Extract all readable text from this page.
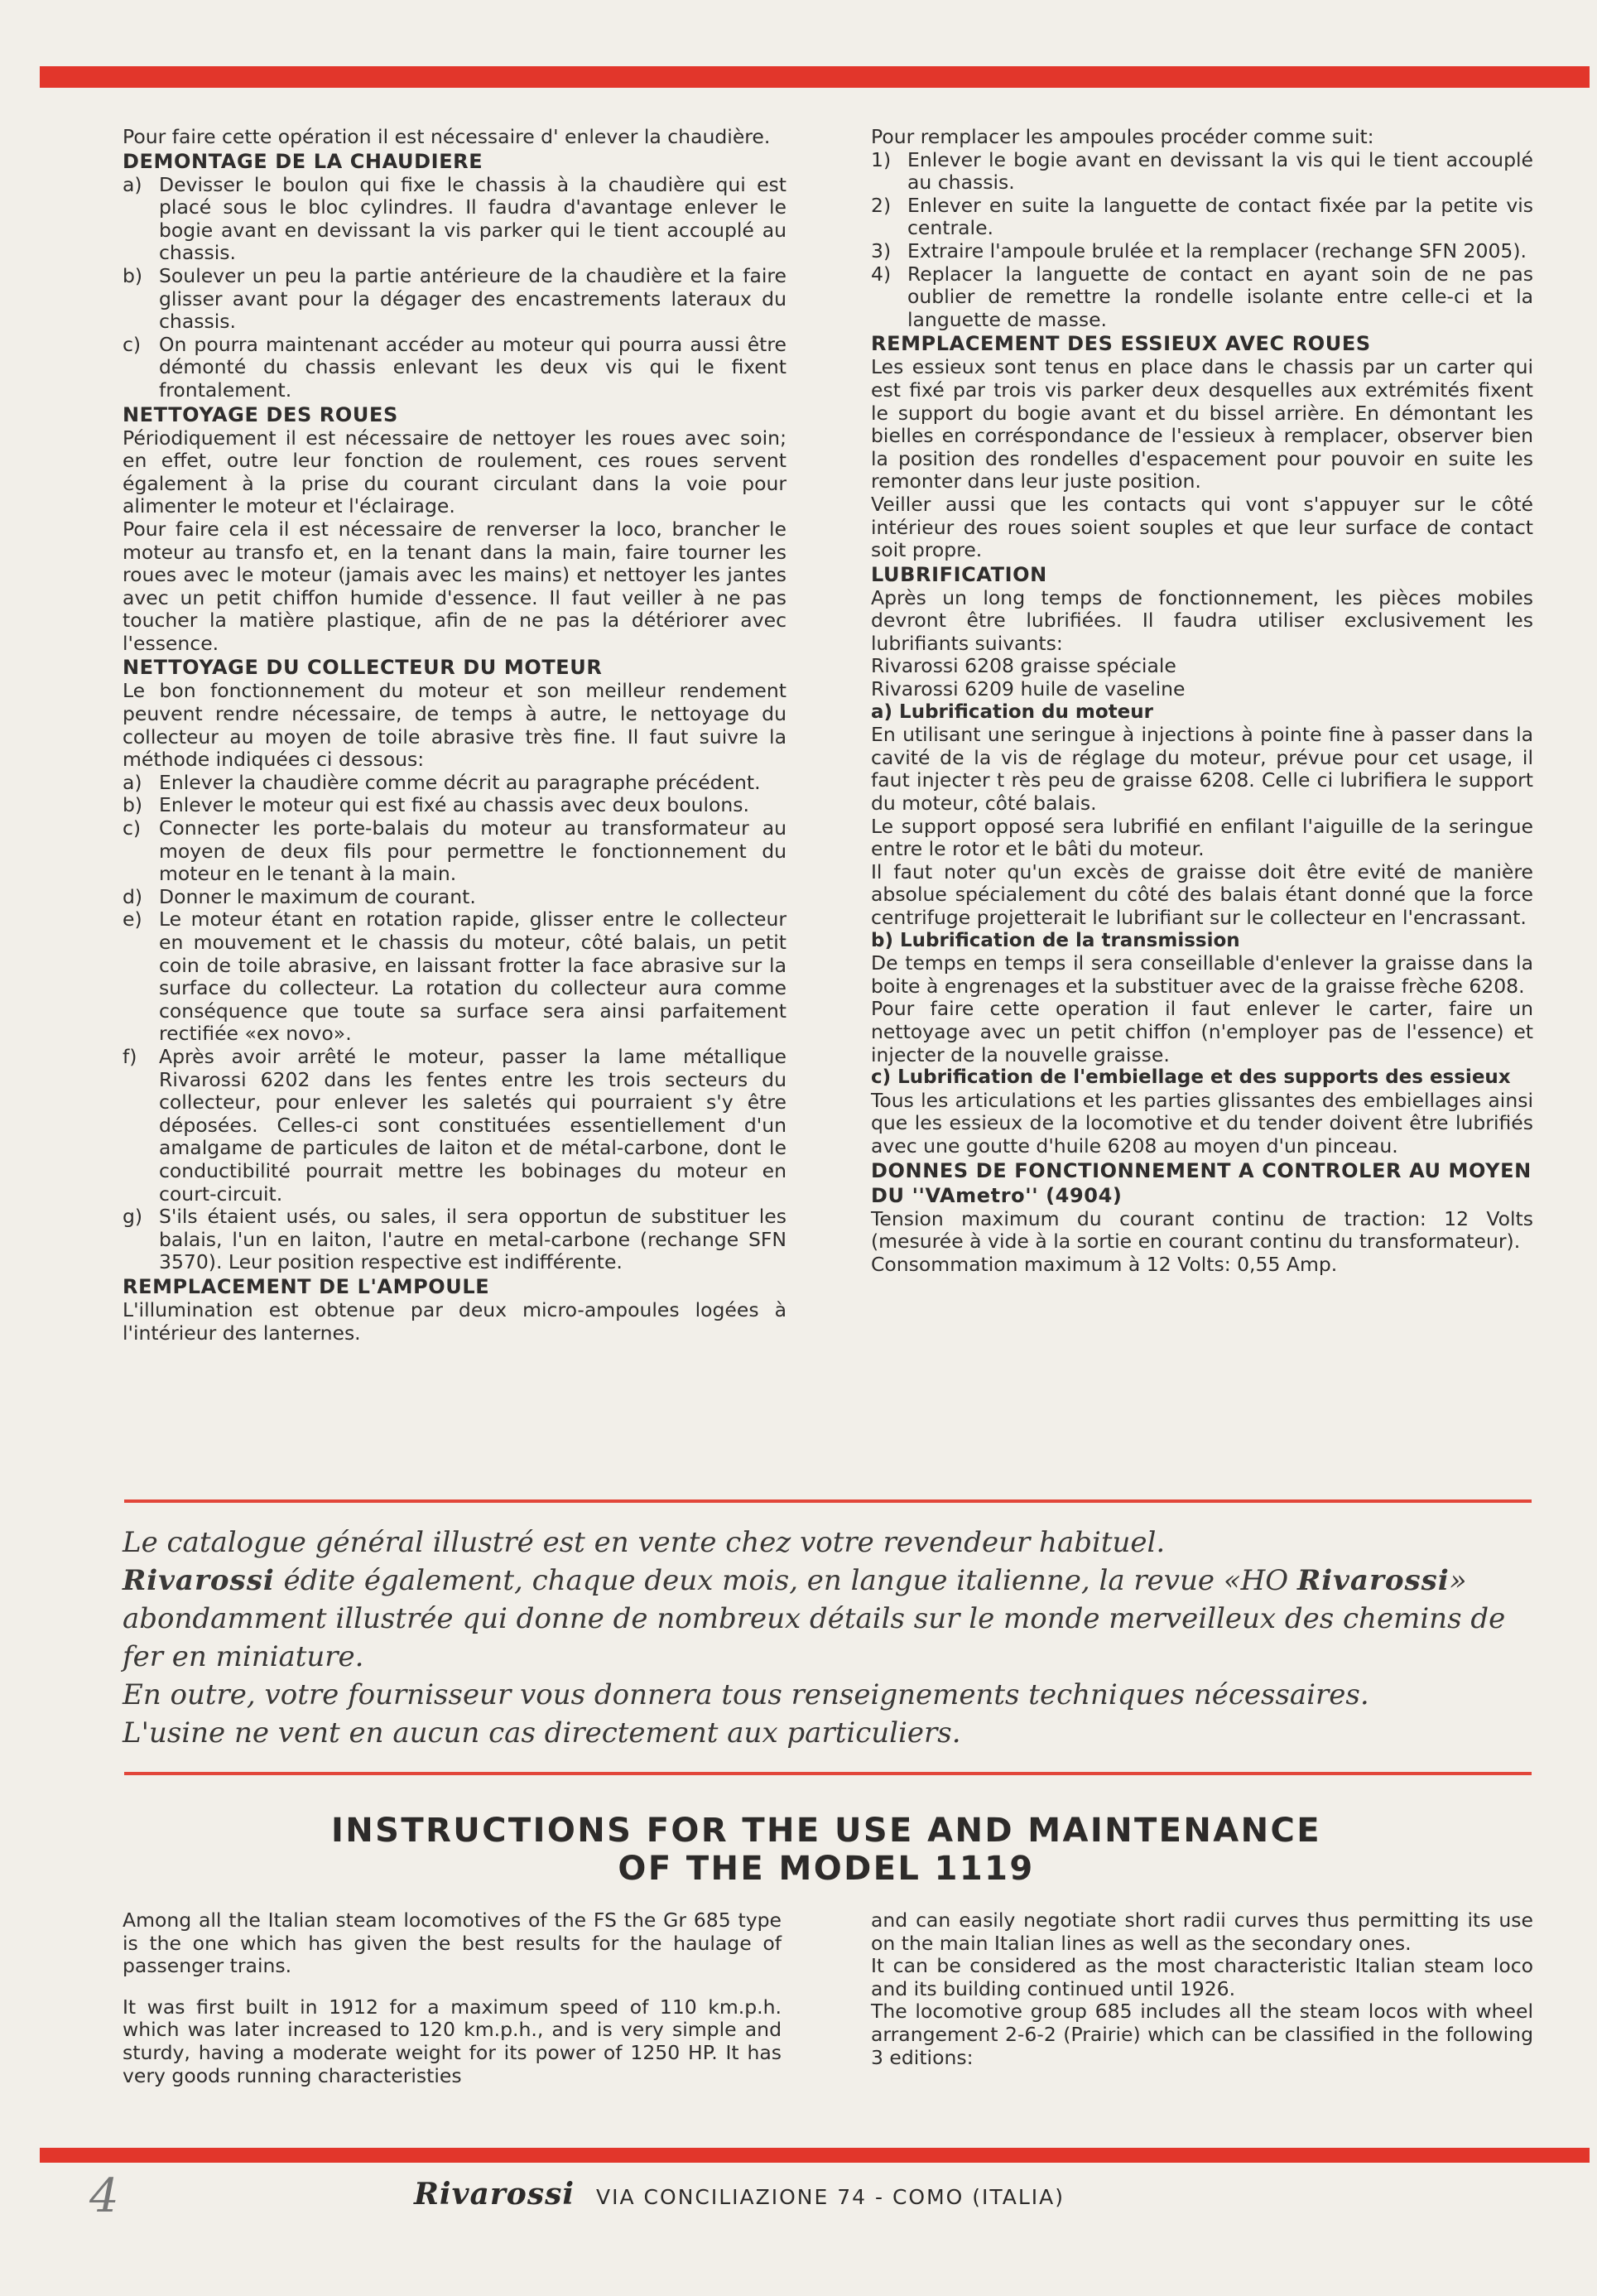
Pour faire cette opération il est nécessaire d' enlever la chaudière.

DEMONTAGE DE LA CHAUDIERE
a) Devisser le boulon qui fixe le chassis à la chaudière qui est placé sous le bloc cylindres. Il faudra d'avantage enlever le bogie avant en devissant la vis parker qui le tient accouplé au chassis.
b) Soulever un peu la partie antérieure de la chaudière et la faire glisser avant pour la dégager des encastrements lateraux du chassis.
c) On pourra maintenant accéder au moteur qui pourra aussi être démonté du chassis enlevant les deux vis qui le fixent frontalement.
NETTOYAGE DES ROUES

Périodiquement il est nécessaire de nettoyer les roues avec soin; en effet, outre leur fonction de roulement, ces roues servent également à la prise du courant circulant dans la voie pour alimenter le moteur et l'éclairage.

Pour faire cela il est nécessaire de renverser la loco, brancher le moteur au transfo et, en la tenant dans la main, faire tourner les roues avec le moteur (jamais avec les mains) et nettoyer les jantes avec un petit chiffon humide d'essence. Il faut veiller à ne pas toucher la matière plastique, afin de ne pas la détériorer avec l'essence.

NETTOYAGE DU COLLECTEUR DU MOTEUR

Le bon fonctionnement du moteur et son meilleur rendement peuvent rendre nécessaire, de temps à autre, le nettoyage du collecteur au moyen de toile abrasive très fine. Il faut suivre la méthode indiquées ci dessous:

a) Enlever la chaudière comme décrit au paragraphe précédent.
b) Enlever le moteur qui est fixé au chassis avec deux boulons.
c) Connecter les porte-balais du moteur au transformateur au moyen de deux fils pour permettre le fonctionnement du moteur en le tenant à la main.
d) Donner le maximum de courant.
e) Le moteur étant en rotation rapide, glisser entre le collecteur en mouvement et le chassis du moteur, côté balais, un petit coin de toile abrasive, en laissant frotter la face abrasive sur la surface du collecteur. La rotation du collecteur aura comme conséquence que toute sa surface sera ainsi parfaitement rectifiée «ex novo».
f)	Après avoir arrêté le moteur, passer la lame métallique Rivarossi 6202 dans les fentes entre les trois secteurs du collecteur, pour enlever les saletés qui pourraient s'y être déposées. Celles-ci sont constituées essentiellement d'un amalgame de particules de laiton et de métal-carbone, dont le conductibilité pourrait mettre les bobinages du moteur en court-circuit.
g) S'ils étaient usés, ou sales, il sera opportun de substituer les balais, l'un en laiton, l'autre en metal-carbone (rechange SFN 3570). Leur position respective est indifférente.
REMPLACEMENT DE L'AMPOULE

L'illumination est obtenue par deux micro-ampoules logées à l'intérieur des lanternes.

Pour remplacer les ampoules procéder comme suit:

1) Enlever le bogie avant en devissant la vis qui le tient accouplé au chassis.
2) Enlever en suite la languette de contact fixée par la petite vis centrale.
3) Extraire l'ampoule brulée et la remplacer (rechange SFN 2005).
4) Replacer la languette de contact en ayant soin de ne pas oublier de remettre la rondelle isolante entre celle-ci et la languette de masse.
REMPLACEMENT DES ESSIEUX AVEC ROUES

Les essieux sont tenus en place dans le chassis par un carter qui est fixé par trois vis parker deux desquelles aux extrémités fixent le support du bogie avant et du bissel arrière. En démontant les bielles en corréspondance de l'essieux à remplacer, observer bien la position des rondelles d'espacement pour pouvoir en suite les remonter dans leur juste position.

Veiller aussi que les contacts qui vont s'appuyer sur le côté intérieur des roues soient souples et que leur surface de contact soit propre.

LUBRIFICATION

Après un long temps de fonctionnement, les pièces mobiles devront être lubrifiées. Il faudra utiliser exclusivement les lubrifiants suivants:

Rivarossi 6208 graisse spéciale

Rivarossi 6209 huile de vaseline

a) Lubrification du moteur

En utilisant une seringue à injections à pointe fine à passer dans la cavité de la vis de réglage du moteur, prévue pour cet usage, il faut injecter t rès peu de graisse 6208. Celle ci lubrifiera le support du moteur, côté balais.

Le support opposé sera lubrifié en enfilant l'aiguille de la seringue entre le rotor et le bâti du moteur.

Il faut noter qu'un excès de graisse doit être evité de manière absolue spécialement du côté des balais étant donné que la force centrifuge projetterait le lubrifiant sur le collecteur en l'encrassant.

b) Lubrification de la transmission

De temps en temps il sera conseillable d'enlever la graisse dans la boite à engrenages et la substituer avec de la graisse frèche 6208.

Pour faire cette operation il faut enlever le carter, faire un nettoyage avec un petit chiffon (n'employer pas de l'essence) et injecter de la nouvelle graisse.

c) Lubrification de l'embiellage et des supports des essieux

Tous les articulations et les parties glissantes des embiellages ainsi que les essieux de la locomotive et du tender doivent être lubrifiés avec une goutte d'huile 6208 au moyen d'un pinceau.

DONNES DE FONCTIONNEMENT A CONTROLER AU MOYEN DU ''VAmetro'' (4904)

Tension maximum du courant continu de traction: 12 Volts (mesurée à vide à la sortie en courant continu du transformateur).

Consommation maximum à 12 Volts: 0,55 Amp.

Le catalogue général illustré est en vente chez votre revendeur habituel.

Rivarossi édite également, chaque deux mois, en langue italienne, la revue «HO Rivarossi»

abondamment illustrée qui donne de nombreux détails sur le monde merveilleux des chemins de fer en miniature.

En outre, votre fournisseur vous donnera tous renseignements techniques nécessaires.

L'usine ne vent en aucun cas directement aux particuliers.

INSTRUCTIONS FOR THE USE AND MAINTENANCE
OF THE MODEL 1119

Among all the Italian steam locomotives of the FS the Gr 685 type is the one which has given the best results for the haulage of passenger trains.

It was first built in 1912 for a maximum speed of 110 km.p.h. which was later increased to 120 km.p.h., and is very simple and sturdy, having a moderate weight for its power of 1250 HP. It has very goods running characteristies

and can easily negotiate short radii curves thus permitting its use on the main Italian lines as well as the secondary ones.

It can be considered as the most characteristic Italian steam loco and its building continued until 1926.

The locomotive group 685 includes all the steam locos with wheel arrangement 2-6-2 (Prairie) which can be classified in the following 3 editions:

4	Rivarossi VIA CONCILIAZIONE 74 - COMO (ITALIA)
